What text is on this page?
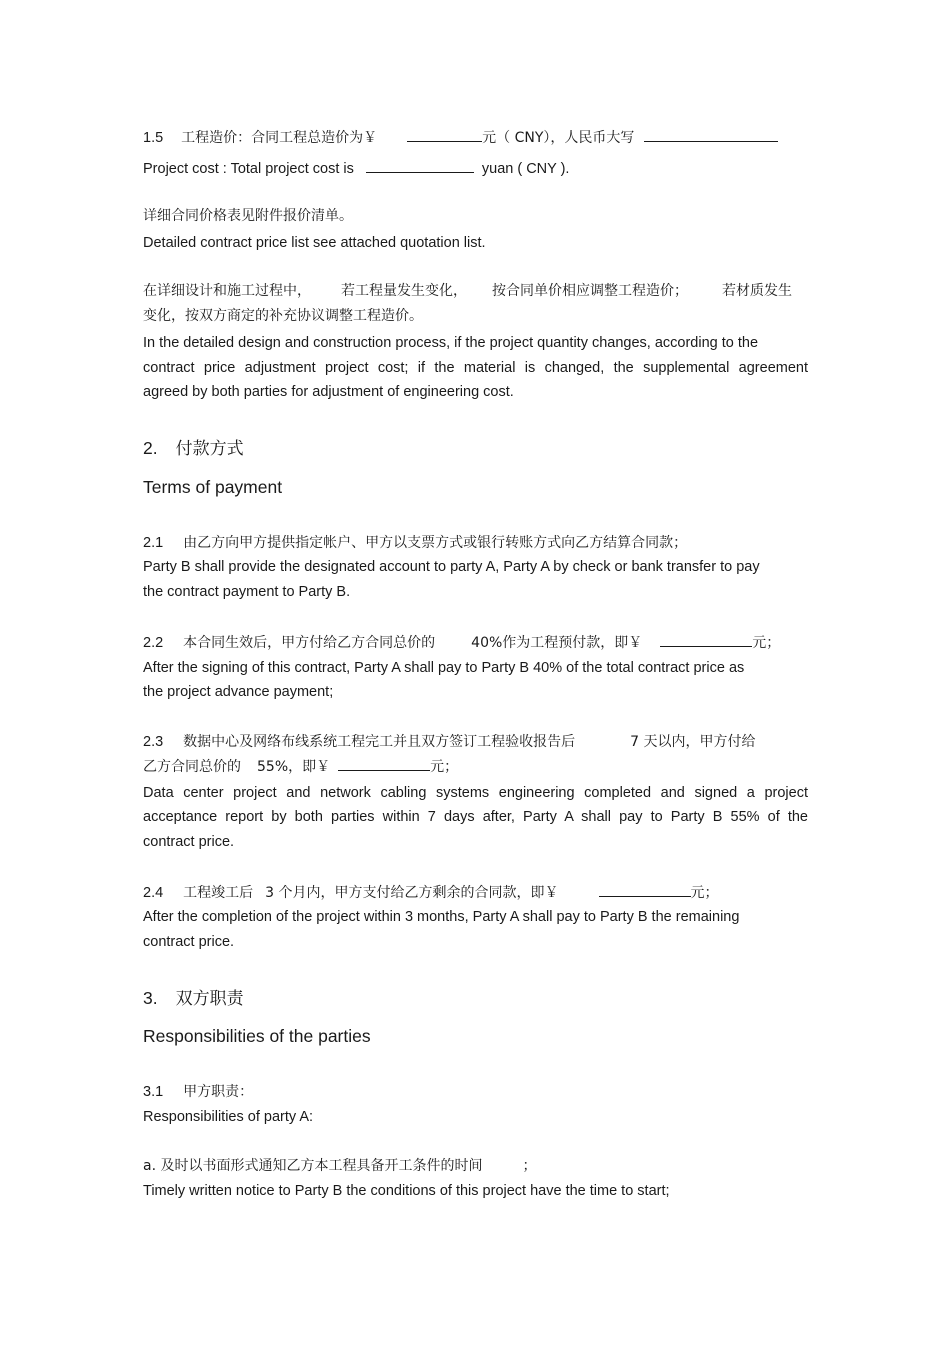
1.5 工程造价：合同工程总造价为￥	元（ CNY），人民币大写
Project cost : Total project cost is	yuan ( CNY ).
详细合同价格表见附件报价清单。
Detailed contract price list see attached quotation list.
在详细设计和施工过程中， 若工程量发生变化， 按合同单价相应调整工程造价； 若材质发生
变化，按双方商定的补充协议调整工程造价。
In the detailed design and construction process, if the project quantity changes, according to the
contract price adjustment project cost; if the material is changed, the supplemental agreement
agreed by both parties for adjustment of engineering cost.
2. 付款方式
Terms of payment
2.1 由乙方向甲方提供指定帐户、甲方以支票方式或银行转账方式向乙方结算合同款；
Party B shall provide the designated account to party A, Party A by check or bank transfer to pay
the contract payment to Party B.
2.2 本合同生效后，甲方付给乙方合同总价的	40%作为工程预付款，即￥	元；
After the signing of this contract, Party A shall pay to Party B 40% of the total contract price as
the project advance payment;
2.3 数据中心及网络布线系统工程完工并且双方签订工程验收报告后	7 天以内，甲方付给
乙方合同总价的 55%，即￥	元；
Data center project and network cabling systems engineering completed and signed a project
acceptance report by both parties within 7 days after, Party A shall pay to Party B 55% of the
contract price.
2.4 工程竣工后 3 个月内，甲方支付给乙方剩余的合同款，即￥	元；
After the completion of the project within 3 months, Party A shall pay to Party B the remaining
contract price.
3. 双方职责
Responsibilities of the parties
3.1 甲方职责：
Responsibilities of party A:
a. 及时以书面形式通知乙方本工程具备开工条件的时间	；
Timely written notice to Party B the conditions of this project have the time to start;
